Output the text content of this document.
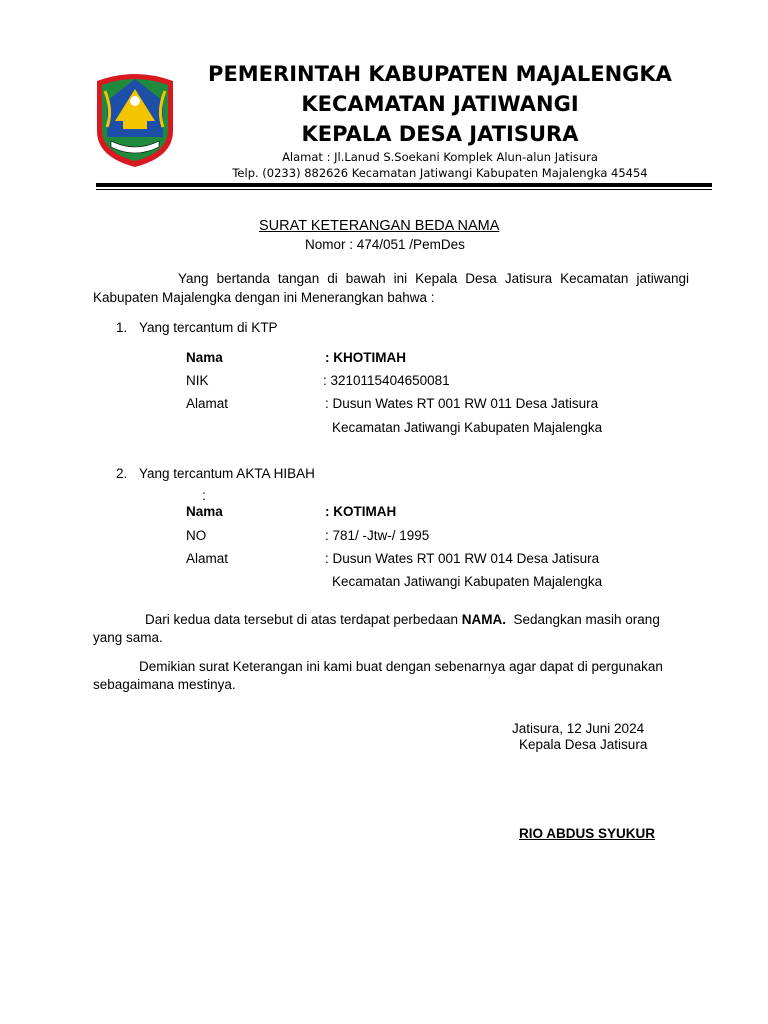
PEMERINTAH KABUPATEN MAJALENGKA
KECAMATAN JATIWANGI
KEPALA DESA JATISURA
Alamat : Jl.Lanud S.Soekani Komplek Alun-alun Jatisura
Telp. (0233) 882626 Kecamatan Jatiwangi Kabupaten Majalengka 45454
SURAT KETERANGAN BEDA NAMA
Nomor : 474/051 /PemDes
Yang bertanda tangan di bawah ini Kepala Desa Jatisura Kecamatan jatiwangi
Kabupaten Majalengka dengan ini Menerangkan bahwa :
1. Yang tercantum di KTP
Nama	: KHOTIMAH
NIK	: 3210115404650081
Alamat	: Dusun Wates RT 001 RW 011 Desa Jatisura
Kecamatan Jatiwangi Kabupaten Majalengka
2. Yang tercantum AKTA HIBAH
:
Nama	: KOTIMAH
NO	: 781/ -Jtw-/ 1995
Alamat	: Dusun Wates RT 001 RW 014 Desa Jatisura
Kecamatan Jatiwangi Kabupaten Majalengka
Dari kedua data tersebut di atas terdapat perbedaan NAMA.  Sedangkan masih orang
yang sama.
Demikian surat Keterangan ini kami buat dengan sebenarnya agar dapat di pergunakan
sebagaimana mestinya.
Jatisura, 12 Juni 2024
Kepala Desa Jatisura
RIO ABDUS SYUKUR
